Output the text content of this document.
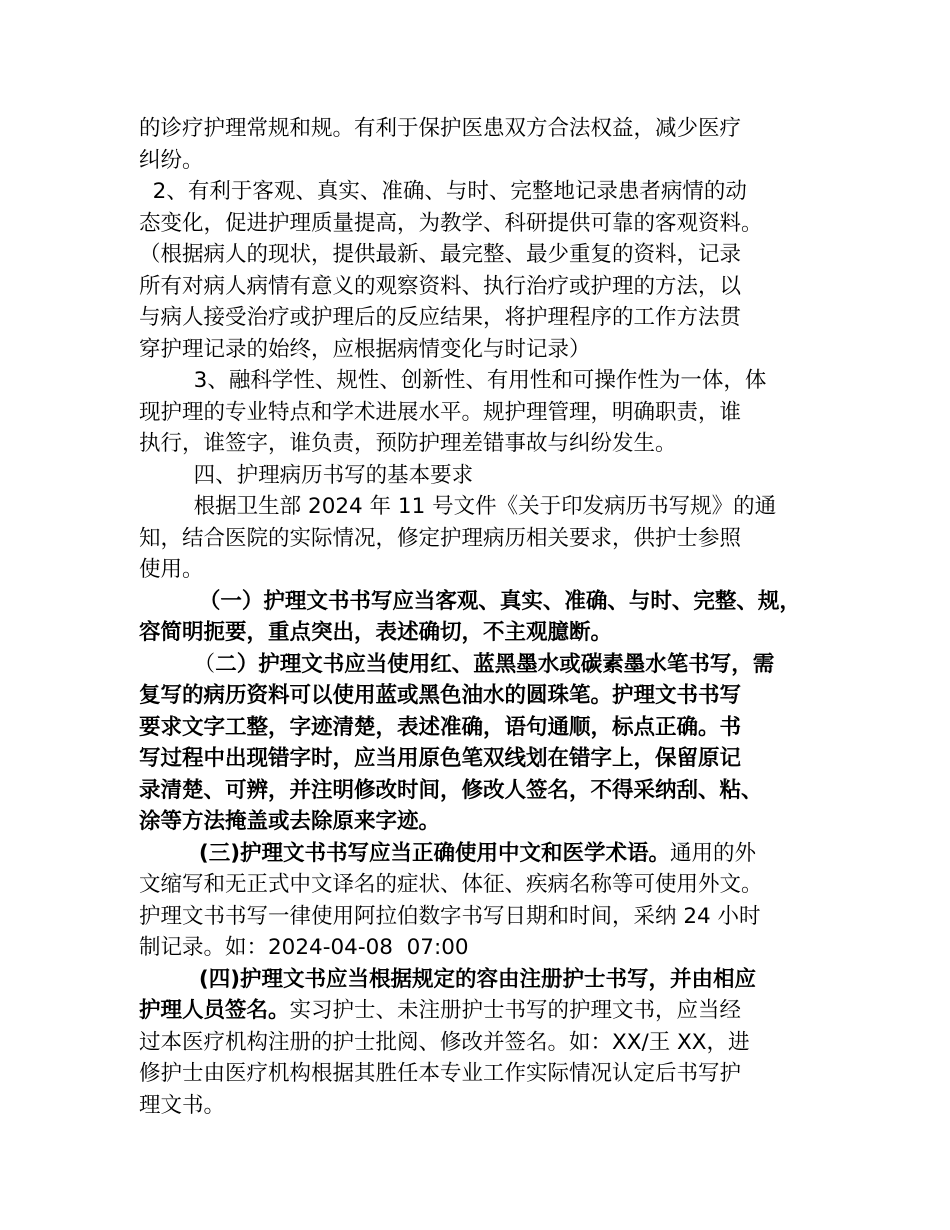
的诊疗护理常规和规。有利于保护医患双方合法权益，减少医疗
纠纷。
2、有利于客观、真实、准确、与时、完整地记录患者病情的动
态变化，促进护理质量提高，为教学、科研提供可靠的客观资料。
（根据病人的现状，提供最新、最完整、最少重复的资料，记录
所有对病人病情有意义的观察资料、执行治疗或护理的方法，以
与病人接受治疗或护理后的反应结果，将护理程序的工作方法贯
穿护理记录的始终，应根据病情变化与时记录）
3、融科学性、规性、创新性、有用性和可操作性为一体，体
现护理的专业特点和学术进展水平。规护理管理，明确职责，谁
执行，谁签字，谁负责，预防护理差错事故与纠纷发生。
四、护理病历书写的基本要求
根据卫生部 2024 年 11 号文件《关于印发病历书写规》的通
知，结合医院的实际情况，修定护理病历相关要求，供护士参照
使用。
（一）护理文书书写应当客观、真实、准确、与时、完整、规，
容简明扼要，重点突出，表述确切，不主观臆断。
（二）护理文书应当使用红、蓝黑墨水或碳素墨水笔书写，需
复写的病历资料可以使用蓝或黑色油水的圆珠笔。护理文书书写
要求文字工整，字迹清楚，表述准确，语句通顺，标点正确。书
写过程中出现错字时，应当用原色笔双线划在错字上，保留原记
录清楚、可辨，并注明修改时间，修改人签名，不得采纳刮、粘、
涂等方法掩盖或去除原来字迹。
(三)护理文书书写应当正确使用中文和医学术语。通用的外
文缩写和无正式中文译名的症状、体征、疾病名称等可使用外文。
护理文书书写一律使用阿拉伯数字书写日期和时间，采纳 24 小时
制记录。如：2024-04-08  07:00
(四)护理文书应当根据规定的容由注册护士书写，并由相应
护理人员签名。实习护士、未注册护士书写的护理文书，应当经
过本医疗机构注册的护士批阅、修改并签名。如：XX/王 XX，进
修护士由医疗机构根据其胜任本专业工作实际情况认定后书写护
理文书。
